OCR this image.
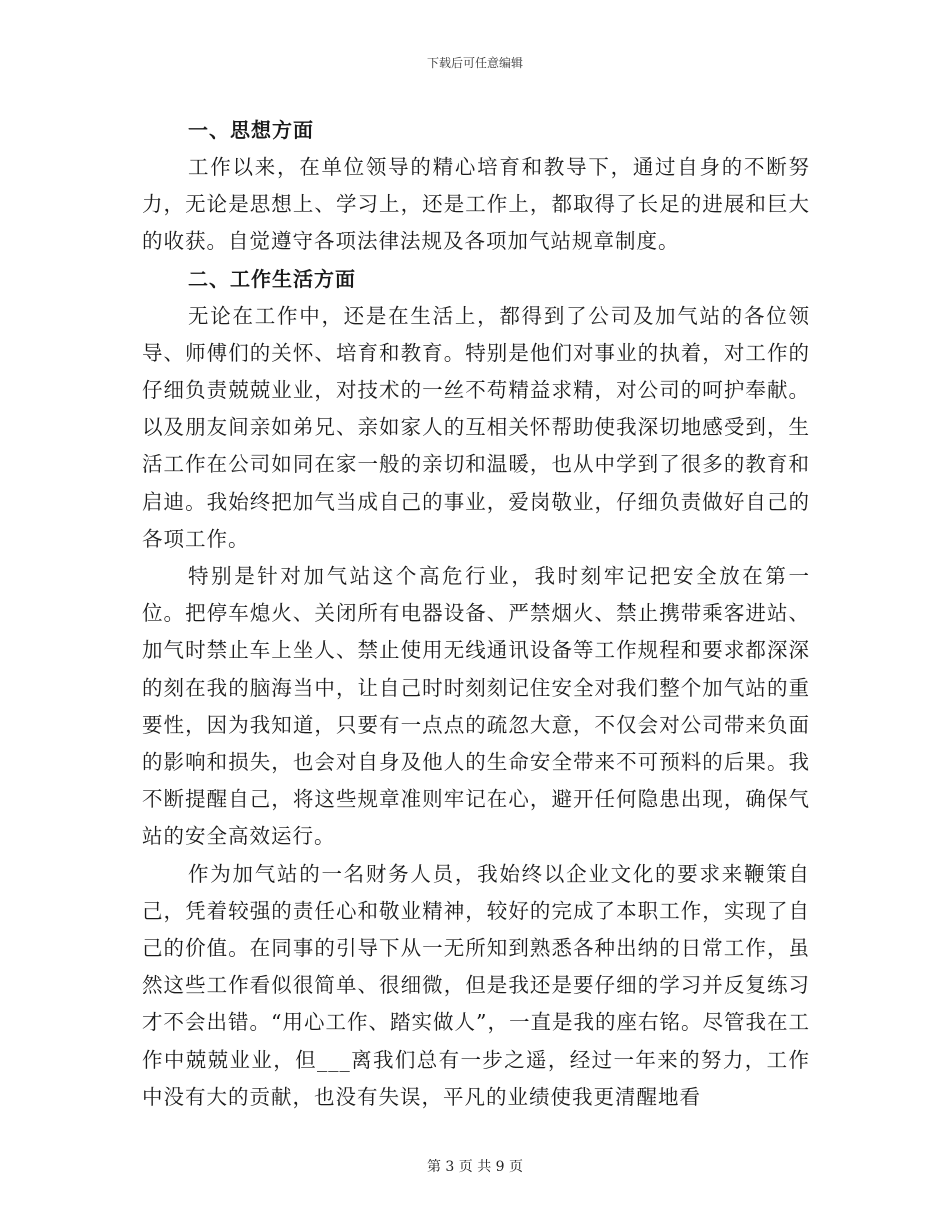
下载后可任意编辑

一、思想方面

工作以来，在单位领导的精心培育和教导下，通过自身的不断努力，无论是思想上、学习上，还是工作上，都取得了长足的进展和巨大的收获。自觉遵守各项法律法规及各项加气站规章制度。

二、工作生活方面

无论在工作中，还是在生活上，都得到了公司及加气站的各位领导、师傅们的关怀、培育和教育。特别是他们对事业的执着，对工作的仔细负责兢兢业业，对技术的一丝不苟精益求精，对公司的呵护奉献。以及朋友间亲如弟兄、亲如家人的互相关怀帮助使我深切地感受到，生活工作在公司如同在家一般的亲切和温暖，也从中学到了很多的教育和启迪。我始终把加气当成自己的事业，爱岗敬业，仔细负责做好自己的各项工作。

特别是针对加气站这个高危行业，我时刻牢记把安全放在第一位。把停车熄火、关闭所有电器设备、严禁烟火、禁止携带乘客进站、加气时禁止车上坐人、禁止使用无线通讯设备等工作规程和要求都深深的刻在我的脑海当中，让自己时时刻刻记住安全对我们整个加气站的重要性，因为我知道，只要有一点点的疏忽大意，不仅会对公司带来负面的影响和损失，也会对自身及他人的生命安全带来不可预料的后果。我不断提醒自己，将这些规章准则牢记在心，避开任何隐患出现，确保气站的安全高效运行。

作为加气站的一名财务人员，我始终以企业文化的要求来鞭策自己，凭着较强的责任心和敬业精神，较好的完成了本职工作，实现了自己的价值。在同事的引导下从一无所知到熟悉各种出纳的日常工作，虽然这些工作看似很简单、很细微，但是我还是要仔细的学习并反复练习才不会出错。“用心工作、踏实做人”，一直是我的座右铭。尽管我在工作中兢兢业业，但___离我们总有一步之遥，经过一年来的努力，工作中没有大的贡献，也没有失误，平凡的业绩使我更清醒地看

第 3 页 共 9 页
